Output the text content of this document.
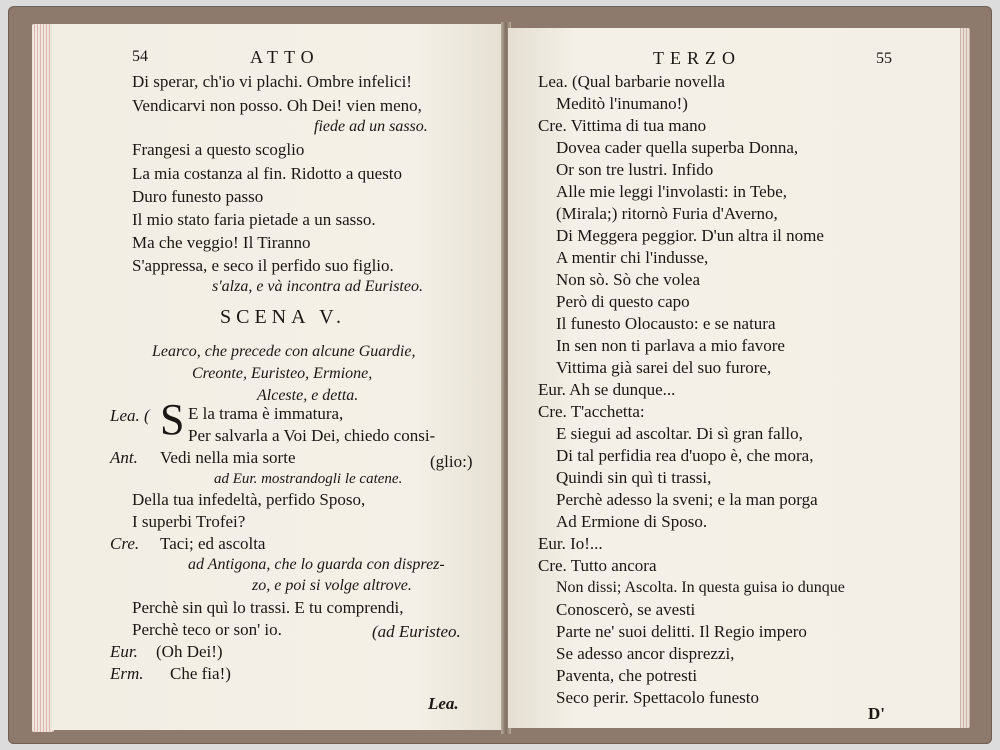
54	ATTO
Di sperar, ch'io vi plachi. Ombre infelici!
Vendicarvi non posso. Oh Dei! vien meno,
fiede ad un sasso.
Frangesi a questo scoglio
La mia costanza al fin. Ridotto a questo
Duro funesto passo
Il mio stato faria pietade a un sasso.
Ma che veggio! Il Tiranno
S'appressa, e seco il perfido suo figlio.
s'alza, e và incontra ad Euristeo.
SCENA V.
Learco, che precede con alcune Guardie,
Creonte, Euristeo, Ermione,
Alceste, e detta.
Lea. ( S E la trama è immatura,
Per salvarla a Voi Dei, chiedo consi-
Ant. Vedi nella mia sorte	(glio:)
ad Eur. mostrandogli le catene.
Della tua infedeltà, perfido Sposo,
I superbi Trofei?
Cre. Taci; ed ascolta
ad Antigona, che lo guarda con disprez-
zo, e poi si volge altrove.
Perchè sin quì lo trassi. E tu comprendi,
Perchè teco or son' io.	(ad Euristeo.
Eur. (Oh Dei!)
Erm. Che fia!)
Lea.
TERZO	55
Lea. (Qual barbarie novella
Meditò l'inumano!)
Cre. Vittima di tua mano
Dovea cader quella superba Donna,
Or son tre lustri. Infido
Alle mie leggi l'involasti: in Tebe,
(Mirala;) ritornò Furia d'Averno,
Di Meggera peggior. D'un altra il nome
A mentir chi l'indusse,
Non sò. Sò che volea
Però di questo capo
Il funesto Olocausto: e se natura
In sen non ti parlava a mio favore
Vittima già sarei del suo furore,
Eur. Ah se dunque...
Cre. T'acchetta:
E siegui ad ascoltar. Di sì gran fallo,
Di tal perfidia rea d'uopo è, che mora,
Quindi sin quì ti trassi,
Perchè adesso la sveni; e la man porga
Ad Ermione di Sposo.
Eur. Io!...
Cre. Tutto ancora
Non dissi; Ascolta. In questa guisa io dunque
Conoscerò, se avesti
Parte ne' suoi delitti. Il Regio impero
Se adesso ancor disprezzi,
Paventa, che potresti
Seco perir. Spettacolo funesto
D'
